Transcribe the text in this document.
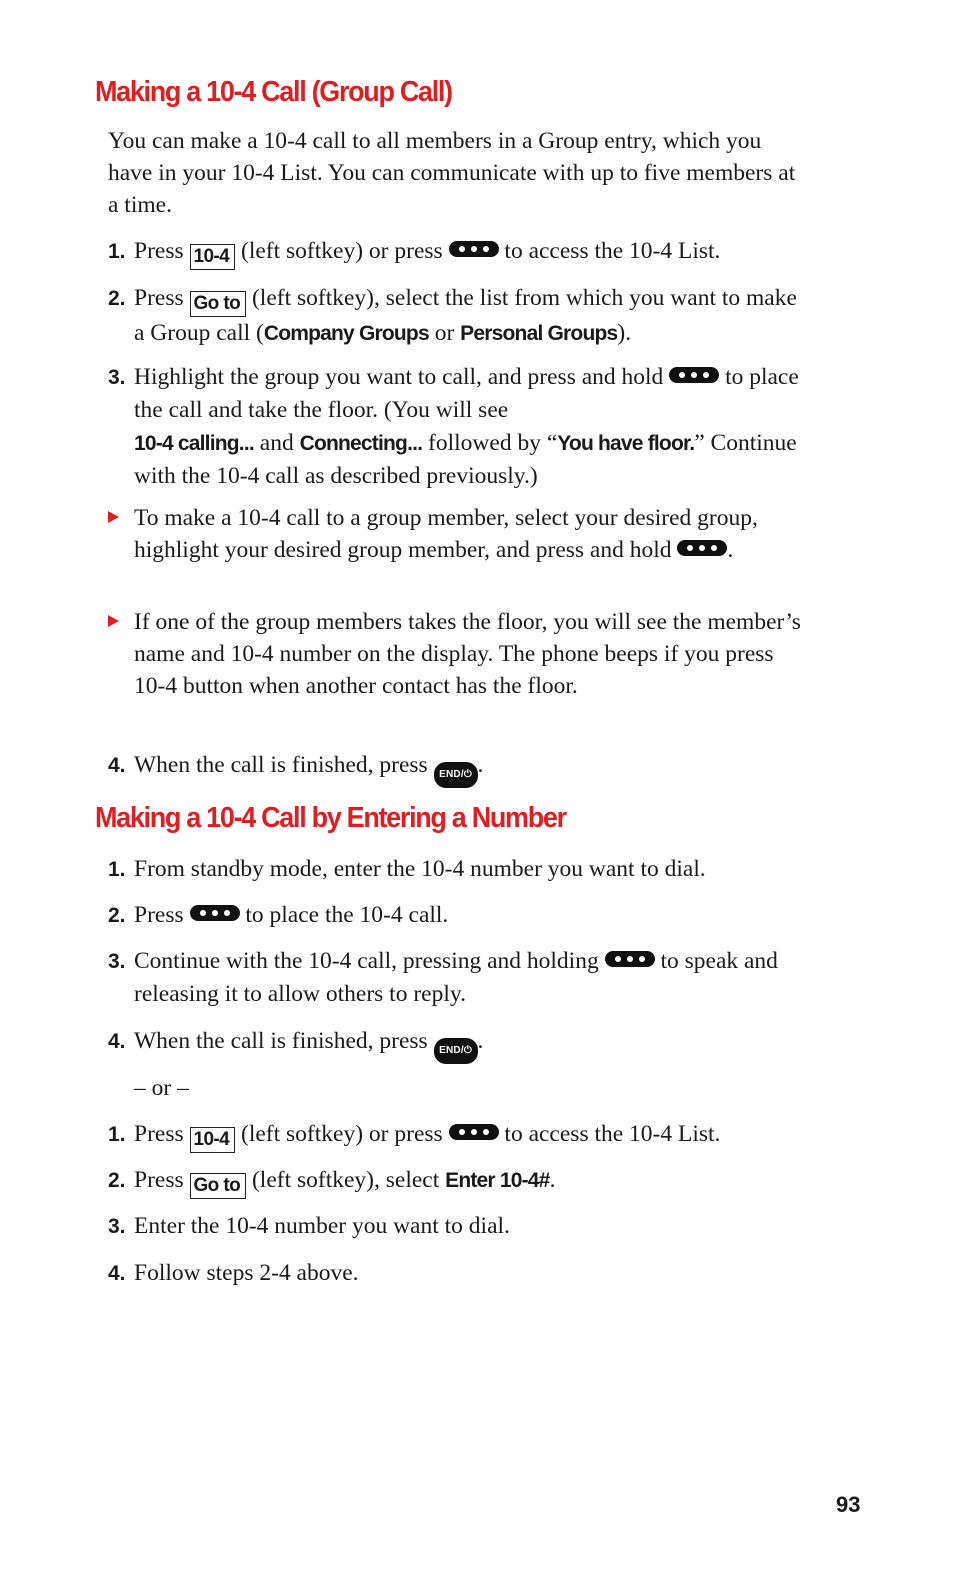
Making a 10-4 Call (Group Call)

You can make a 10-4 call to all members in a Group entry, which you have in your 10-4 List. You can communicate with up to five members at a time.

1. Press 10-4 (left softkey) or press	to access the 10-4 List.
2. Press Go to (left softkey), select the list from which you want to make a Group call (Company Groups or Personal Groups).
3. Highlight the group you want to call, and press and hold	to place the call and take the floor. (You will see
10-4 calling... and Connecting... followed by “You have floor.” Continue with the 10-4 call as described previously.)
To make a 10-4 call to a group member, select your desired group, highlight your desired group member, and press and hold .
If one of the group members takes the floor, you will see the member’s name and 10-4 number on the display. The phone beeps if you press 10-4 button when another contact has the floor.
4. When the call is finished, press END/⏻ .
Making a 10-4 Call by Entering a Number
1. From standby mode, enter the 10-4 number you want to dial.
2. Press	to place the 10-4 call.
3. Continue with the 10-4 call, pressing and holding	to speak and releasing it to allow others to reply.
4. When the call is finished, press END/⏻ .
– or –
1. Press 10-4 (left softkey) or press	to access the 10-4 List.
2. Press Go to (left softkey), select Enter 10-4#.
3. Enter the 10-4 number you want to dial.
4. Follow steps 2-4 above.
93
